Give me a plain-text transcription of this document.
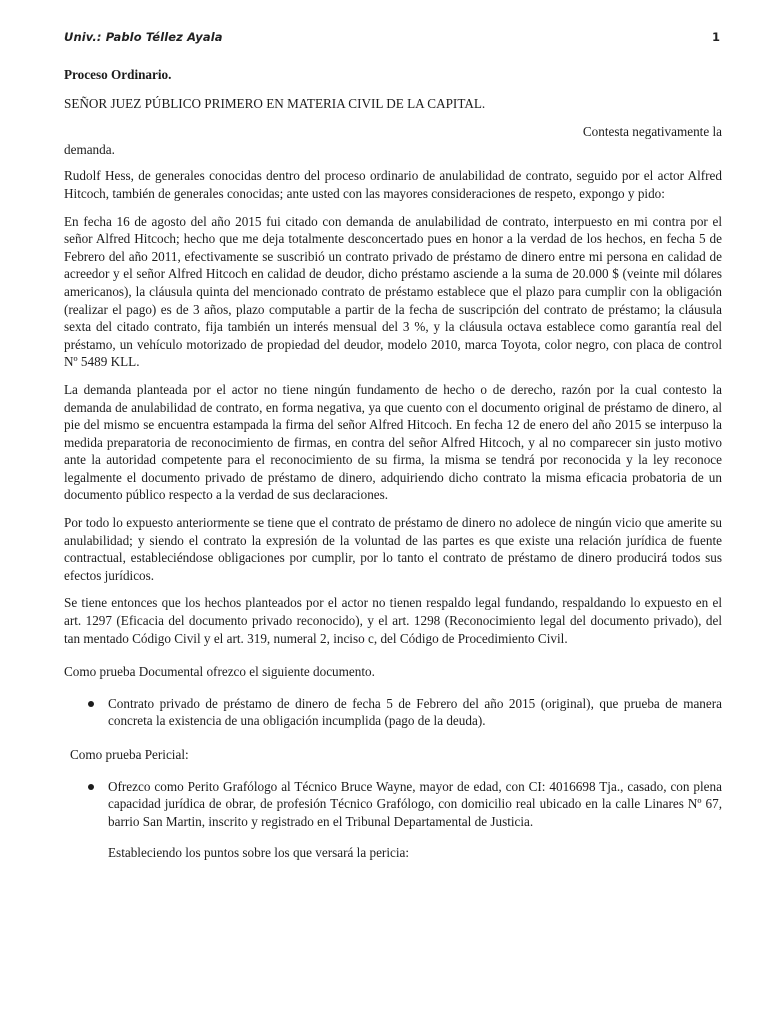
Univ.: Pablo Téllez Ayala	1

Proceso Ordinario.

SEÑOR JUEZ PÚBLICO PRIMERO EN MATERIA CIVIL DE LA CAPITAL.

Contesta negativamente la

demanda.

Rudolf Hess, de generales conocidas dentro del proceso ordinario de anulabilidad de contrato, seguido por el actor Alfred Hitcoch, también de generales conocidas; ante usted con las mayores consideraciones de respeto, expongo y pido:

En fecha 16 de agosto del año 2015 fui citado con demanda de anulabilidad de contrato, interpuesto en mi contra por el señor Alfred Hitcoch; hecho que me deja totalmente desconcertado pues en honor a la verdad de los hechos, en fecha 5 de Febrero del año 2011, efectivamente se suscribió un contrato privado de préstamo de dinero entre mi persona en calidad de acreedor y el señor Alfred Hitcoch en calidad de deudor, dicho préstamo asciende a la suma de 20.000 $ (veinte mil dólares americanos), la cláusula quinta del mencionado contrato de préstamo establece que el plazo para cumplir con la obligación (realizar el pago) es de 3 años, plazo computable a partir de la fecha de suscripción del contrato de préstamo; la cláusula sexta del citado contrato, fija también un interés mensual del 3 %, y la cláusula octava establece como garantía real del préstamo, un vehículo motorizado de propiedad del deudor, modelo 2010, marca Toyota, color negro, con placa de control Nº 5489 KLL.

La demanda planteada por el actor no tiene ningún fundamento de hecho o de derecho, razón por la cual contesto la demanda de anulabilidad de contrato, en forma negativa, ya que cuento con el documento original de préstamo de dinero, al pie del mismo se encuentra estampada la firma del señor Alfred Hitcoch. En fecha 12 de enero del año 2015 se interpuso la medida preparatoria de reconocimiento de firmas, en contra del señor Alfred Hitcoch, y al no comparecer sin justo motivo ante la autoridad competente para el reconocimiento de su firma, la misma se tendrá por reconocida y la ley reconoce legalmente el documento privado de préstamo de dinero, adquiriendo dicho contrato la misma eficacia probatoria de un documento público respecto a la verdad de sus declaraciones.

Por todo lo expuesto anteriormente se tiene que el contrato de préstamo de dinero no adolece de ningún vicio que amerite su anulabilidad; y siendo el contrato la expresión de la voluntad de las partes es que existe una relación jurídica de fuente contractual, estableciéndose obligaciones por cumplir, por lo tanto el contrato de préstamo de dinero producirá todos sus efectos jurídicos.

Se tiene entonces que los hechos planteados por el actor no tienen respaldo legal fundando, respaldando lo expuesto en el art. 1297 (Eficacia del documento privado reconocido), y el art. 1298 (Reconocimiento legal del documento privado), del tan mentado Código Civil y el art. 319, numeral 2, inciso c, del Código de Procedimiento Civil.

Como prueba Documental ofrezco el siguiente documento.

Contrato privado de préstamo de dinero de fecha 5 de Febrero del año 2015 (original), que prueba de manera concreta la existencia de una obligación incumplida (pago de la deuda).

Como prueba Pericial:

Ofrezco como Perito Grafólogo al Técnico Bruce Wayne, mayor de edad, con CI: 4016698 Tja., casado, con plena capacidad jurídica de obrar, de profesión Técnico Grafólogo, con domicilio real ubicado en la calle Linares Nº 67, barrio San Martin, inscrito y registrado en el Tribunal Departamental de Justicia.

Estableciendo los puntos sobre los que versará la pericia:
